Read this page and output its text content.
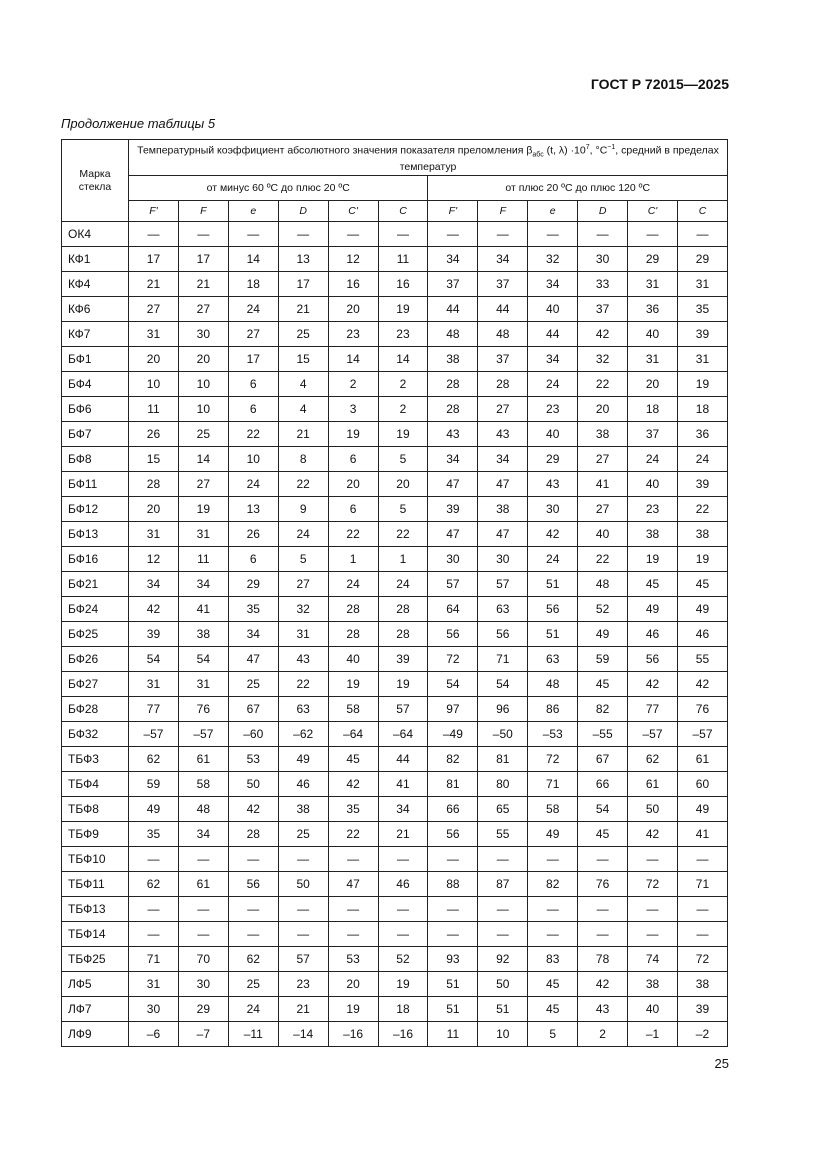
ГОСТ Р 72015—2025
Продолжение таблицы 5
Марка стекла	Температурный коэффициент абсолютного значения показателя преломления $\beta_{абс}$ (t, $\lambda) \cdot 10^7$, $^\circ С^{-1}$, средний в пределах температур											
	от минус 60 ºС до плюс 20 ºС						от плюс 20 ºС до плюс 120 ºС					
	F'	F	e	D	C'	C	F'	F	e	D	C'	C
ОК4	—	—	—	—	—	—	—	—	—	—	—	—
КФ1	17	17	14	13	12	11	34	34	32	30	29	29
КФ4	21	21	18	17	16	16	37	37	34	33	31	31
КФ6	27	27	24	21	20	19	44	44	40	37	36	35
КФ7	31	30	27	25	23	23	48	48	44	42	40	39
БФ1	20	20	17	15	14	14	38	37	34	32	31	31
БФ4	10	10	6	4	2	2	28	28	24	22	20	19
БФ6	11	10	6	4	3	2	28	27	23	20	18	18
БФ7	26	25	22	21	19	19	43	43	40	38	37	36
БФ8	15	14	10	8	6	5	34	34	29	27	24	24
БФ11	28	27	24	22	20	20	47	47	43	41	40	39
БФ12	20	19	13	9	6	5	39	38	30	27	23	22
БФ13	31	31	26	24	22	22	47	47	42	40	38	38
БФ16	12	11	6	5	1	1	30	30	24	22	19	19
БФ21	34	34	29	27	24	24	57	57	51	48	45	45
БФ24	42	41	35	32	28	28	64	63	56	52	49	49
БФ25	39	38	34	31	28	28	56	56	51	49	46	46
БФ26	54	54	47	43	40	39	72	71	63	59	56	55
БФ27	31	31	25	22	19	19	54	54	48	45	42	42
БФ28	77	76	67	63	58	57	97	96	86	82	77	76
БФ32	–57	–57	–60	–62	–64	–64	–49	–50	–53	–55	–57	–57
ТБФ3	62	61	53	49	45	44	82	81	72	67	62	61
ТБФ4	59	58	50	46	42	41	81	80	71	66	61	60
ТБФ8	49	48	42	38	35	34	66	65	58	54	50	49
ТБФ9	35	34	28	25	22	21	56	55	49	45	42	41
ТБФ10	—	—	—	—	—	—	—	—	—	—	—	—
ТБФ11	62	61	56	50	47	46	88	87	82	76	72	71
ТБФ13	—	—	—	—	—	—	—	—	—	—	—	—
ТБФ14	—	—	—	—	—	—	—	—	—	—	—	—
ТБФ25	71	70	62	57	53	52	93	92	83	78	74	72
ЛФ5	31	30	25	23	20	19	51	50	45	42	38	38
ЛФ7	30	29	24	21	19	18	51	51	45	43	40	39
ЛФ9	–6	–7	–11	–14	–16	–16	11	10	5	2	–1	–2
25
